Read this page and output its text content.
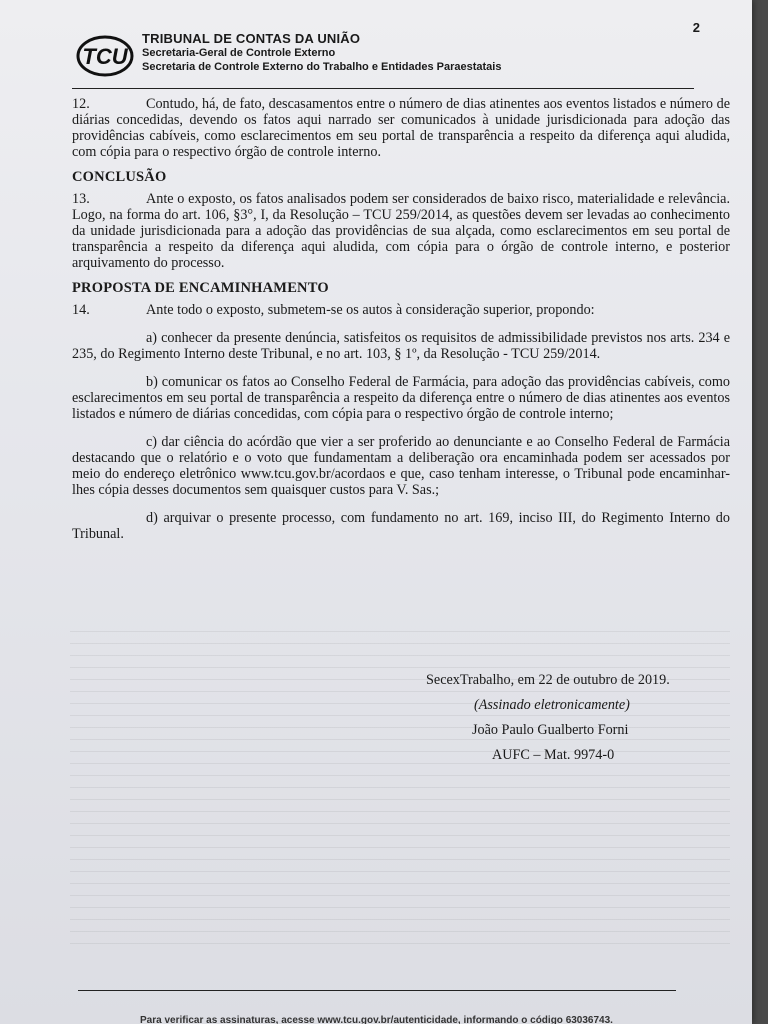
2
TCU
TRIBUNAL DE CONTAS DA UNIÃO
Secretaria-Geral de Controle Externo
Secretaria de Controle Externo do Trabalho e Entidades Paraestatais

12.	Contudo, há, de fato, descasamentos entre o número de dias atinentes aos eventos listados e número de diárias concedidas, devendo os fatos aqui narrado ser comunicados à unidade jurisdicionada para adoção das providências cabíveis, como esclarecimentos em seu portal de transparência a respeito da diferença aqui aludida, com cópia para o respectivo órgão de controle interno.

CONCLUSÃO

13.	Ante o exposto, os fatos analisados podem ser considerados de baixo risco, materialidade e relevância. Logo, na forma do art. 106, §3°, I, da Resolução – TCU 259/2014, as questões devem ser levadas ao conhecimento da unidade jurisdicionada para a adoção das providências de sua alçada, como esclarecimentos em seu portal de transparência a respeito da diferença aqui aludida, com cópia para o órgão de controle interno, e posterior arquivamento do processo.

PROPOSTA DE ENCAMINHAMENTO

14.	Ante todo o exposto, submetem-se os autos à consideração superior, propondo:

a) conhecer da presente denúncia, satisfeitos os requisitos de admissibilidade previstos nos arts. 234 e 235, do Regimento Interno deste Tribunal, e no art. 103, § 1º, da Resolução - TCU 259/2014.

b) comunicar os fatos ao Conselho Federal de Farmácia, para adoção das providências cabíveis, como esclarecimentos em seu portal de transparência a respeito da diferença entre o número de dias atinentes aos eventos listados e número de diárias concedidas, com cópia para o respectivo órgão de controle interno;

c) dar ciência do acórdão que vier a ser proferido ao denunciante e ao Conselho Federal de Farmácia destacando que o relatório e o voto que fundamentam a deliberação ora encaminhada podem ser acessados por meio do endereço eletrônico www.tcu.gov.br/acordaos e que, caso tenham interesse, o Tribunal pode encaminhar-lhes cópia desses documentos sem quaisquer custos para V. Sas.;

d) arquivar o presente processo, com fundamento no art. 169, inciso III, do Regimento Interno do Tribunal.

SecexTrabalho, em 22 de outubro de 2019.
(Assinado eletronicamente)
João Paulo Gualberto Forni
AUFC – Mat. 9974-0
Para verificar as assinaturas, acesse www.tcu.gov.br/autenticidade, informando o código 63036743.
